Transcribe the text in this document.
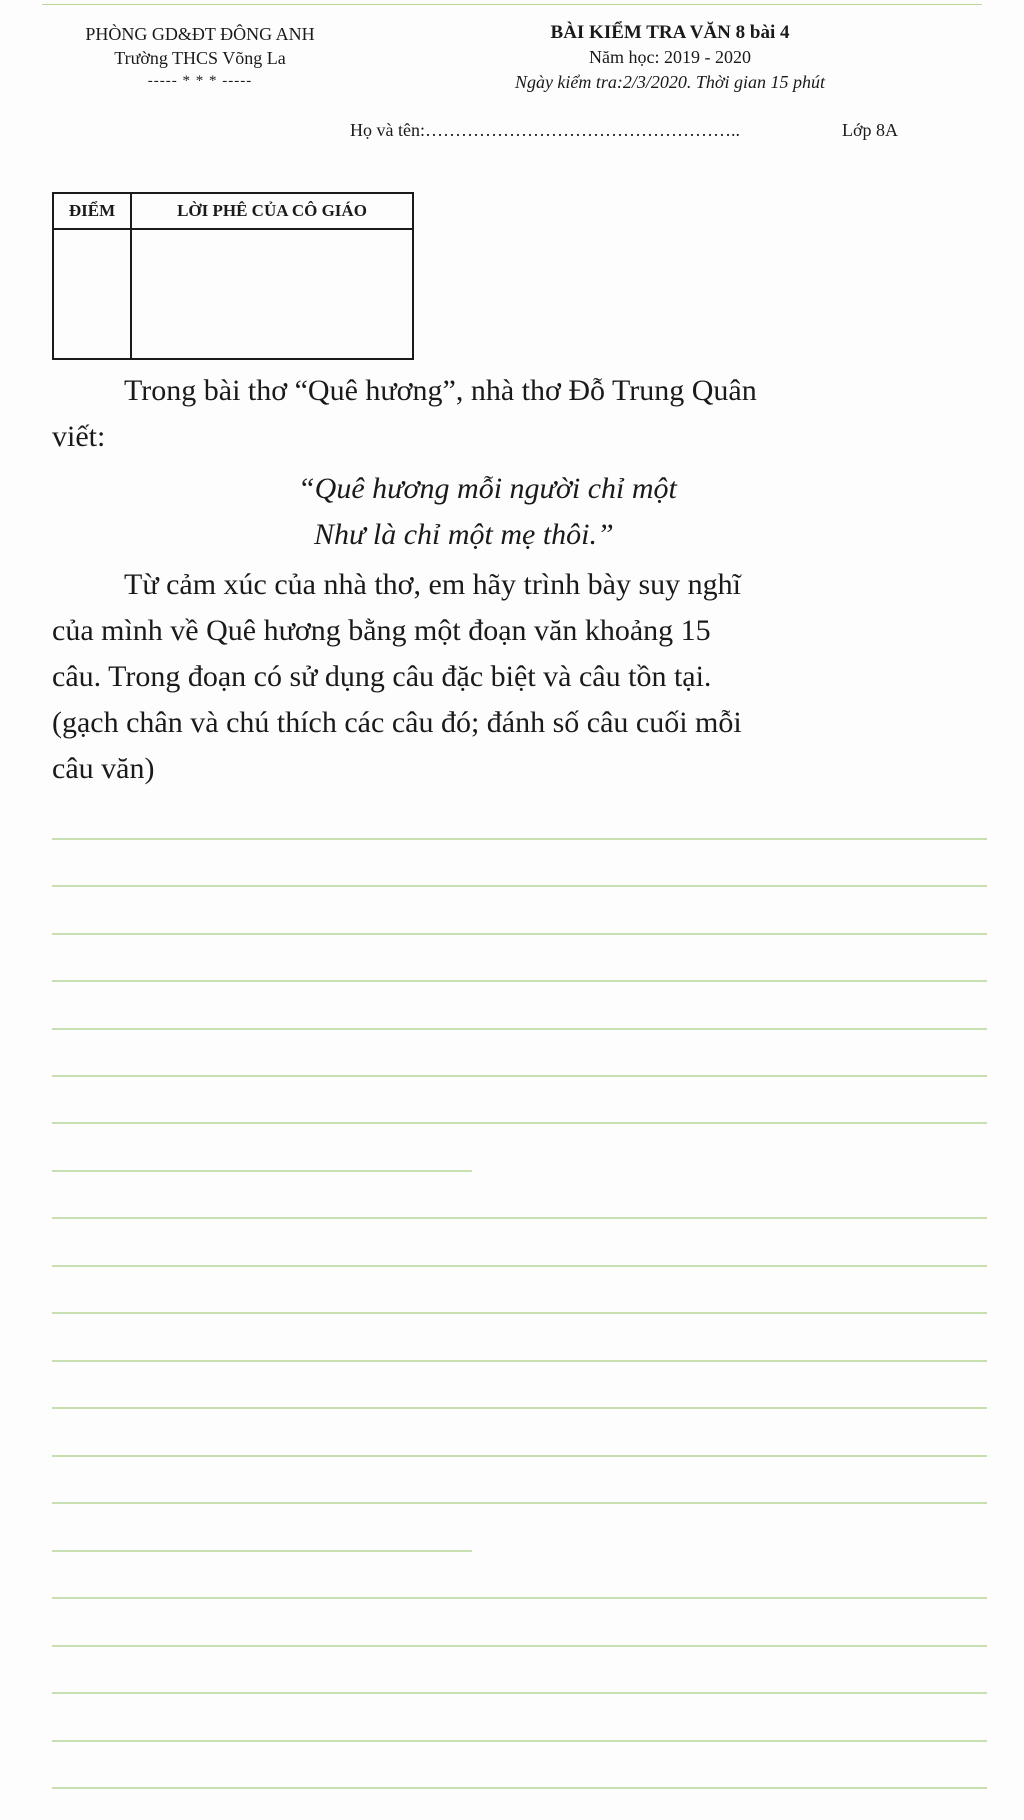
PHÒNG GD&ĐT ĐÔNG ANH
Trường THCS Võng La
----- * * * -----
BÀI KIỂM TRA VĂN 8 bài 4
Năm học: 2019 - 2020
Ngày kiểm tra:2/3/2020. Thời gian 15 phút
Họ và tên:……………………………………………..	Lớp 8A
ĐIỂM	LỜI PHÊ CỦA CÔ GIÁO

Trong bài thơ “Quê hương”, nhà thơ Đỗ Trung Quân
viết:
“Quê hương mỗi người chỉ một
Như là chỉ một mẹ thôi.”
Từ cảm xúc của nhà thơ, em hãy trình bày suy nghĩ
của mình về Quê hương bằng một đoạn văn khoảng 15
câu. Trong đoạn có sử dụng câu đặc biệt và câu tồn tại.
(gạch chân và chú thích các câu đó; đánh số câu cuối mỗi
câu văn)
